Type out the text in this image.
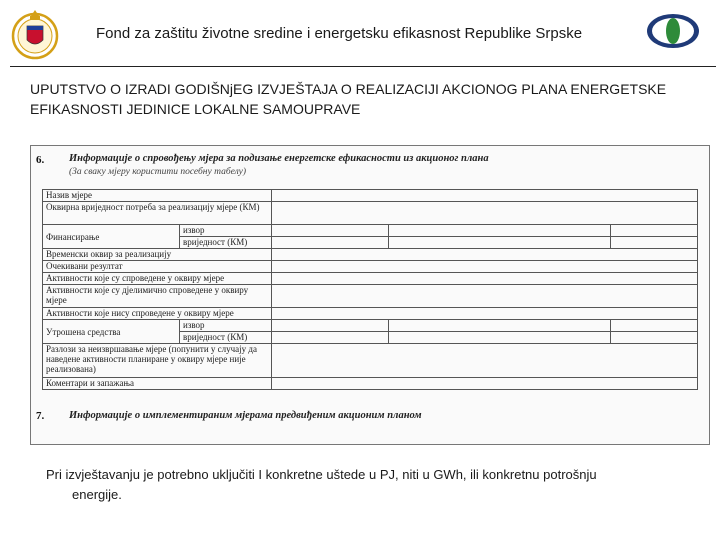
Fond za zaštitu životne sredine i energetsku efikasnost Republike Srpske
UPUTSTVO O IZRADI GODIŠNjEG IZVJEŠTAJA O REALIZACIJI AKCIONOG PLANA ENERGETSKE EFIKASNOSTI JEDINICE LOKALNE SAMOUPRAVE
6. Информације о спровођењу мјера за подизање енергетске ефикасности из акционог плана
(За сваку мјеру користити посебну табелу)
Назив мјере				
Оквирна вриједност потреба за реализацију мјере (КМ)				
Финансирање	извор			
	вриједност (КМ)			
Временски оквир за реализацију				
Очекивани резултат				
Активности које су спроведене у оквиру мјере				
Активности које су дјелимично спроведене у оквиру мјере				
Активности које нису спроведене у оквиру мјере				
Утрошена средства	извор			
	вриједност (КМ)			
Разлози за неизвршавање мјере (попунити у случају да наведене активности планиране у оквиру мјере није реализована)				
Коментари и запажања				
7. Информације о имплементираним мјерама предвиђеним акционим планом
Pri izvještavanju je potrebno uključiti I konkretne uštede u PJ, niti u GWh, ili konkretnu potrošnju
energije.
